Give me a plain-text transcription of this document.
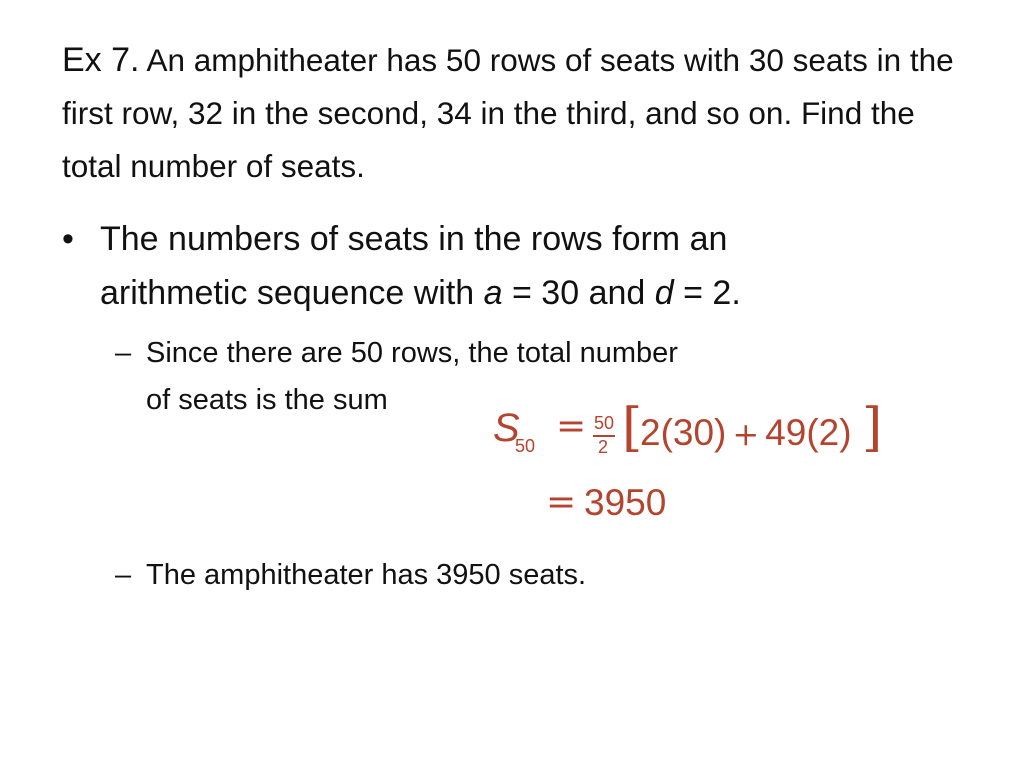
Ex 7. An amphitheater has 50 rows of seats with 30 seats in the first row, 32 in the second, 34 in the third, and so on. Find the total number of seats.
• The numbers of seats in the rows form an
arithmetic sequence with a = 30 and d = 2.
– Since there are 50 rows, the total number
of seats is the sum
S
50 = 50
2 [
2(30) + 49(2) ]
= 3950
– The amphitheater has 3950 seats.
